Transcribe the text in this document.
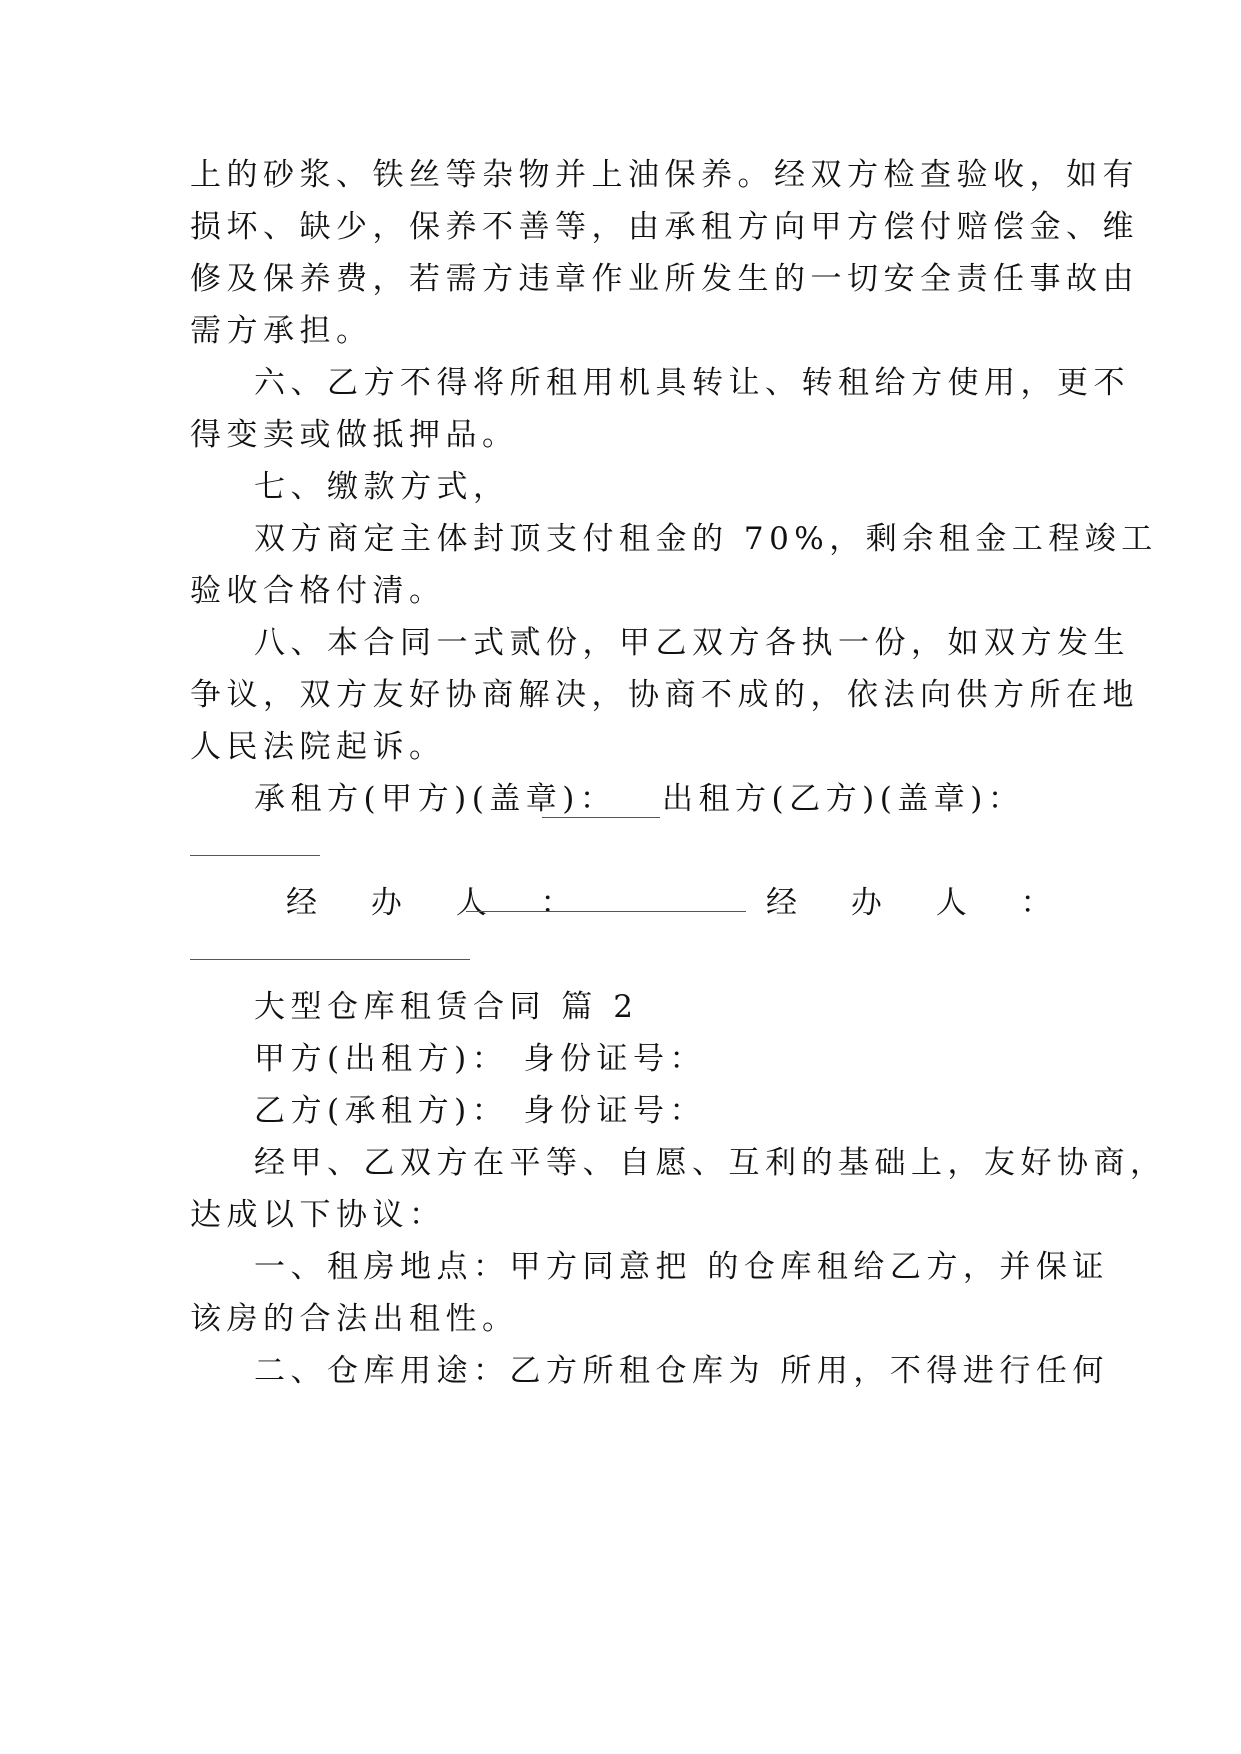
上的砂浆、铁丝等杂物并上油保养。经双方检查验收，如有
损坏、缺少，保养不善等，由承租方向甲方偿付赔偿金、维
修及保养费，若需方违章作业所发生的一切安全责任事故由
需方承担。
六、乙方不得将所租用机具转让、转租给方使用，更不
得变卖或做抵押品。
七、缴款方式，
双方商定主体封顶支付租金的 70%，剩余租金工程竣工
验收合格付清。
八、本合同一式贰份，甲乙双方各执一份，如双方发生
争议，双方友好协商解决，协商不成的，依法向供方所在地
人民法院起诉。
承租方(甲方)(盖章)： 出租方(乙方)(盖章)：
经 办 人 ：	经 办 人 ：
大型仓库租赁合同 篇 2
甲方(出租方)： 身份证号：
乙方(承租方)： 身份证号：
经甲、乙双方在平等、自愿、互利的基础上，友好协商，
达成以下协议：
一、租房地点：甲方同意把 的仓库租给乙方，并保证
该房的合法出租性。
二、仓库用途：乙方所租仓库为 所用，不得进行任何
